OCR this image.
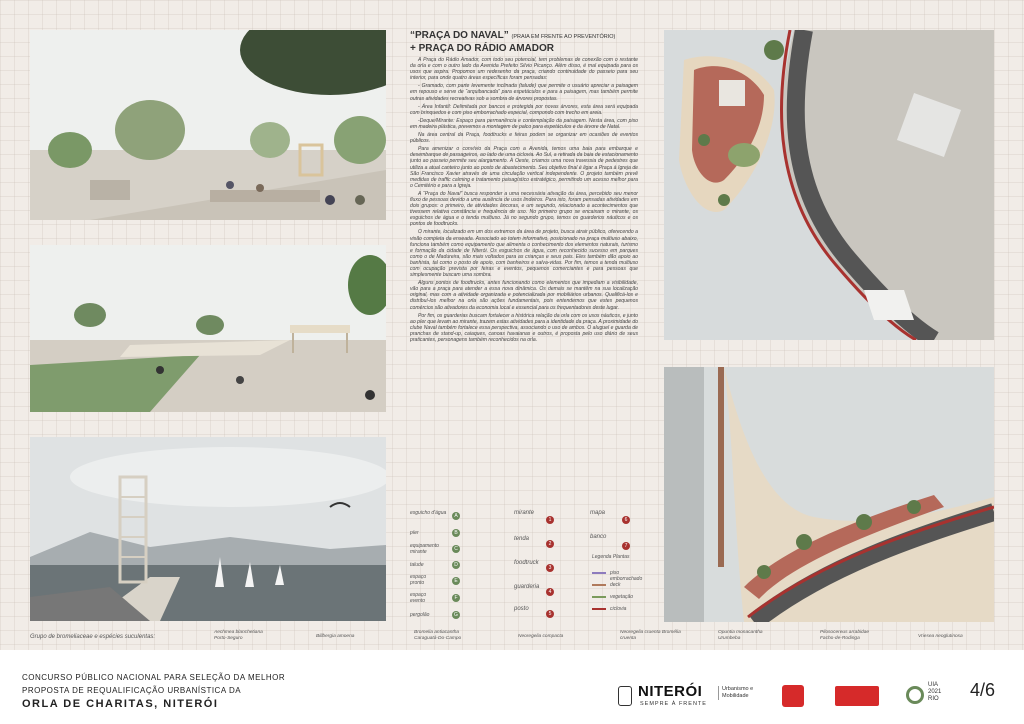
“PRAÇA DO NAVAL” (PRAIA EM FRENTE AO PREVENTÓRIO)
+ PRAÇA DO RÁDIO AMADOR

A Praça do Rádio Amador, com todo seu potencial, tem problemas de conexão com o restante da orla e com o outro lado da Avenida Prefeito Silvio Picanço. Além disso, é mal equipada para os usos que aspira. Propomos um redesenho da praça, criando continuidade do passeio para seu interior, para onde quatro áreas específicas foram pensadas:

- Gramado, com parte levemente inclinada (talude) que permite o usuário apreciar a paisagem em repouso e serve de “arquibancada” para espetáculos e para a paisagem, mas também permite outras atividades recreativas sob a sombra de árvores propostas.

- Área Infantil: Delimitada por bancos e protegida por novas árvores, esta área será equipada com brinquedos e com piso emborrachado especial, compondo com trecho em areia.

-Deque/Mirante: Espaço para permanência e contemplação da paisagem. Nesta área, com piso em madeira plástica, prevemos a montagem de palco para espetáculos e da árvore de Natal.

Na área central da Praça, foodtrucks e feiras podem se organizar em ocasiões de eventos públicos.

Para amenizar o convívio da Praça com a Avenida, temos uma baia para embarque e desembarque de passageiros, ao lado de uma ciclovia. Ao Sul, a retirada da baia de estacionamento junto ao passeio permite seu alargamento. À Oeste, criamos uma nova travessia de pedestres que utiliza a atual canteiro junto ao posto de abastecimento. Seu objetivo final é ligar a Praça à Igreja de São Francisco Xavier através de uma circulação vertical independente. O projeto também prevê medidas de traffic calming e tratamento paisagístico estratégico, permitindo um acesso melhor para o Cemitério e para a Igreja.

A “Praça do Naval” busca responder a uma necessária ativação da área, percebido seu menor fluxo de pessoas devido a uma ausência de usos lindeiros. Para isto, foram pensadas atividades em dois grupos: o primeiro, de atividades âncoras, e um segundo, relacionado a acontecimentos que tivessem relativa constância e frequência de uso. No primeiro grupo se encaixam o mirante, os esguichos de água e o tenda multiuso. Já no segundo grupo, temos os guarderios náuticos e os pontos de foodtrucks.

O mirante, localizado em um dos extremos da área de projeto, busca atrair público, oferecendo a visão completa da enseada. Associado ao totem informativo, posicionado na praça multiuso abaixo, funciona também como equipamento que alimenta o conhecimento dos elementos naturais, turismo e formação da cidade de Niterói. Os esguichos de água, com reconhecido sucesso em parques como o de Madureira, são mais voltados para as crianças e seus pais. Eles também dão apoio ao banhista, tal como o posto de apoio, com banheiros e salva-vidas. Por fim, temos a tenda multiuso com ocupação prevista por feiras e eventos, pequenos comerciantes e para pessoas que simplesmente buscam uma sombra.

Alguns pontos de foodtrucks, antes funcionando como elementos que impediam a visibilidade, vão para a praça para atender a essa nova dinâmica. Os demais se mantêm na sua localização original, mas com a atividade organizada e potencializada por mobiliários urbanos. Qualificá-los e distribuí-los melhor na orla são ações fundamentais, pois entendemos que estes pequenos comércios são ativadores da economia local e essencial para os frequentadores deste lugar.

Por fim, os guarderias buscam fortalecer a histórica relação da orla com os usos náuticos, e junto ao píer que levam ao mirante, trazem estas atividades para a identidade da praça. A proximidade do clube Naval também fortalece essa perspectiva, associando o uso de ambos. O aluguel e guarda de pranchas de stand-up, caiaques, canoas havaianas e outros, é proposta pelo uso diário de seus praticantes, personagens também reconhecidos na orla.

esguicho d'água	A
píer	B
equipamento mirante	C
talude	D
espaço pronto	E
espaço evento	F
pergolão	G
mirante
1
tenda
2
foodtruck
3
guarderia
4
posto
5
mapa
6
banco
7
Legenda Plantas
piso emborrachado
deck
vegetação
ciclovia
Grupo de bromeliaceae e espécies suculentas:
Aechmea blanchetiana Porto-Seguro	Billbergia amoena
Bromelia antiacantha Caraguatá-Do-Campo	Neoregelia compacta
Neoregelia cruenta Bromélia cruenta
Opuntia monacantha Urumbeba
Pilosocereus arrabidae Facho-de-Rodinga	Vriesea neoglutinosa
CONCURSO PÚBLICO NACIONAL PARA SELEÇÃO DA MELHOR
PROPOSTA DE REQUALIFICAÇÃO URBANÍSTICA DA
ORLA DE CHARITAS, NITERÓI
NITERÓI
SEMPRE À FRENTE
Urbanismo e Mobilidade
UIA 2021 RIO	4/6
